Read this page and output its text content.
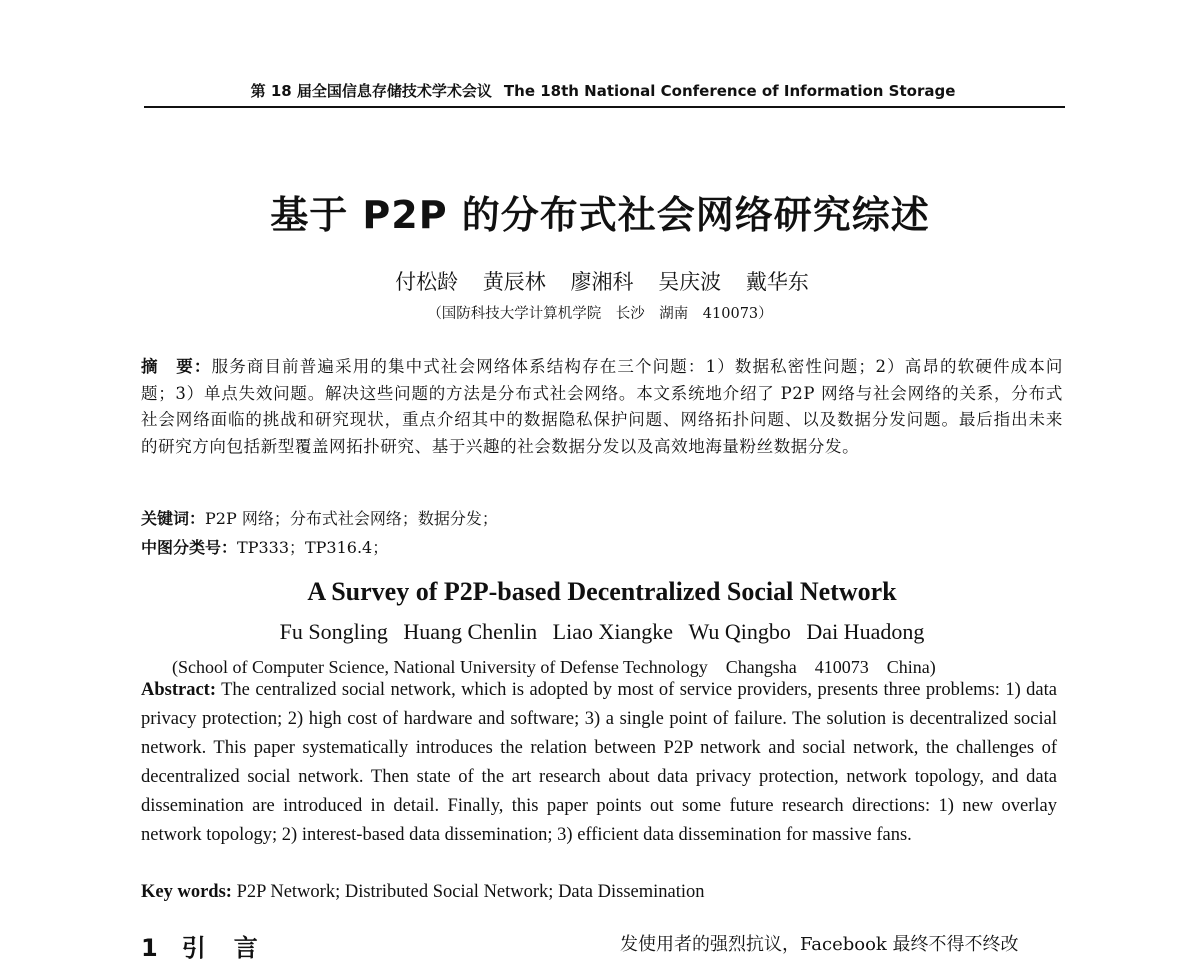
第 18 届全国信息存储技术学术会议 The 18th National Conference of Information Storage
基于 P2P 的分布式社会网络研究综述
付松龄 黄辰林 廖湘科 吴庆波 戴华东
（国防科技大学计算机学院　长沙　湖南　410073）
摘　要：服务商目前普遍采用的集中式社会网络体系结构存在三个问题：1）数据私密性问题；2）高昂的软硬件成本问题；3）单点失效问题。解决这些问题的方法是分布式社会网络。本文系统地介绍了 P2P 网络与社会网络的关系，分布式社会网络面临的挑战和研究现状，重点介绍其中的数据隐私保护问题、网络拓扑问题、以及数据分发问题。最后指出未来的研究方向包括新型覆盖网拓扑研究、基于兴趣的社会数据分发以及高效地海量粉丝数据分发。
关键词：P2P 网络；分布式社会网络；数据分发；
中图分类号：TP333；TP316.4；
A Survey of P2P-based Decentralized Social Network
Fu Songling Huang Chenlin Liao Xiangke Wu Qingbo Dai Huadong
(School of Computer Science, National University of Defense Technology　Changsha　410073　China)
Abstract: The centralized social network, which is adopted by most of service providers, presents three problems: 1) data privacy protection; 2) high cost of hardware and software; 3) a single point of failure. The solution is decentralized social network. This paper systematically introduces the relation between P2P network and social network, the challenges of decentralized social network. Then state of the art research about data privacy protection, network topology, and data dissemination are introduced in detail. Finally, this paper points out some future research directions: 1) new overlay network topology; 2) interest-based data dissemination; 3) efficient data dissemination for massive fans.
Key words: P2P Network; Distributed Social Network; Data Dissemination
1 引言	发使用者的强烈抗议，Facebook 最终不得不终改
